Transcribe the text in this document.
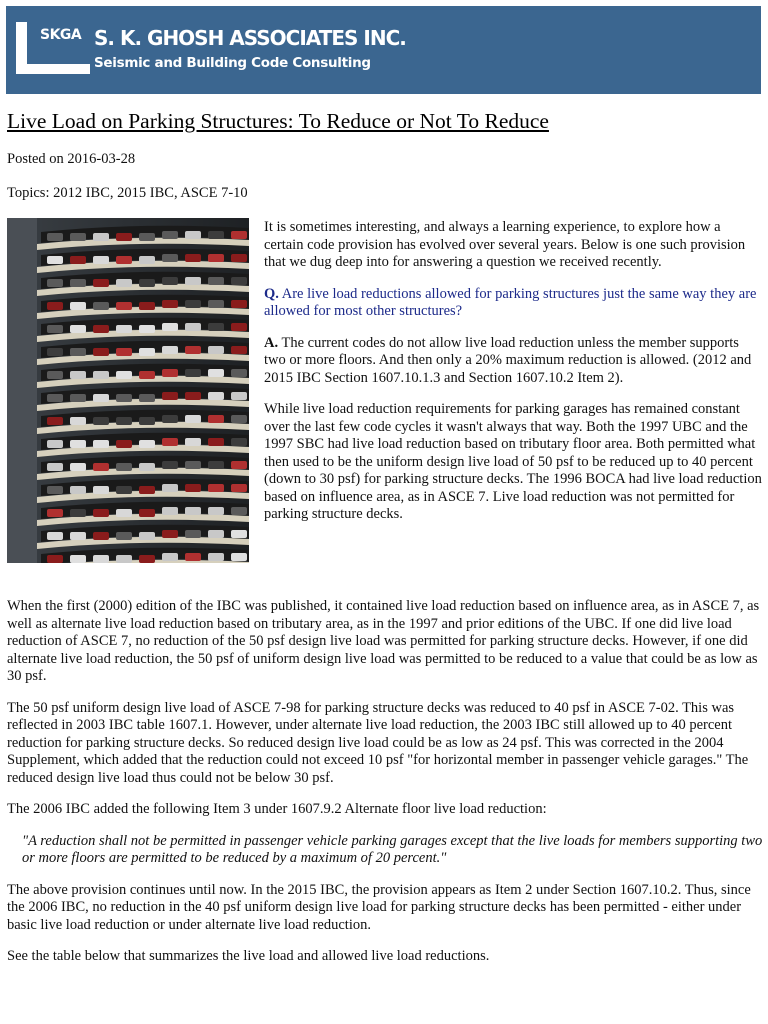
SKGA S. K. GHOSH ASSOCIATES INC.
Seismic and Building Code Consulting
Live Load on Parking Structures: To Reduce or Not To Reduce
Posted on 2016-03-28
Topics: 2012 IBC, 2015 IBC, ASCE 7-10

It is sometimes interesting, and always a learning experience, to explore how a certain code provision has evolved over several years. Below is one such provision that we dug deep into for answering a question we received recently.

Q. Are live load reductions allowed for parking structures just the same way they are allowed for most other structures?

A. The current codes do not allow live load reduction unless the member supports two or more floors. And then only a 20% maximum reduction is allowed. (2012 and 2015 IBC Section 1607.10.1.3 and Section 1607.10.2 Item 2).

While live load reduction requirements for parking garages has remained constant over the last few code cycles it wasn't always that way. Both the 1997 UBC and the 1997 SBC had live load reduction based on tributary floor area. Both permitted what then used to be the uniform design live load of 50 psf to be reduced up to 40 percent (down to 30 psf) for parking structure decks. The 1996 BOCA had live load reduction based on influence area, as in ASCE 7. Live load reduction was not permitted for parking structure decks.

When the first (2000) edition of the IBC was published, it contained live load reduction based on influence area, as in ASCE 7, as well as alternate live load reduction based on tributary area, as in the 1997 and prior editions of the UBC. If one did live load reduction of ASCE 7, no reduction of the 50 psf design live load was permitted for parking structure decks. However, if one did alternate live load reduction, the 50 psf of uniform design live load was permitted to be reduced to a value that could be as low as 30 psf.

The 50 psf uniform design live load of ASCE 7-98 for parking structure decks was reduced to 40 psf in ASCE 7-02. This was reflected in 2003 IBC table 1607.1. However, under alternate live load reduction, the 2003 IBC still allowed up to 40 percent reduction for parking structure decks. So reduced design live load could be as low as 24 psf. This was corrected in the 2004 Supplement, which added that the reduction could not exceed 10 psf "for horizontal member in passenger vehicle garages." The reduced design live load thus could not be below 30 psf.

The 2006 IBC added the following Item 3 under 1607.9.2 Alternate floor live load reduction:

"A reduction shall not be permitted in passenger vehicle parking garages except that the live loads for members supporting two or more floors are permitted to be reduced by a maximum of 20 percent."

The above provision continues until now. In the 2015 IBC, the provision appears as Item 2 under Section 1607.10.2. Thus, since the 2006 IBC, no reduction in the 40 psf uniform design live load for parking structure decks has been permitted - either under basic live load reduction or under alternate live load reduction.

See the table below that summarizes the live load and allowed live load reductions.
